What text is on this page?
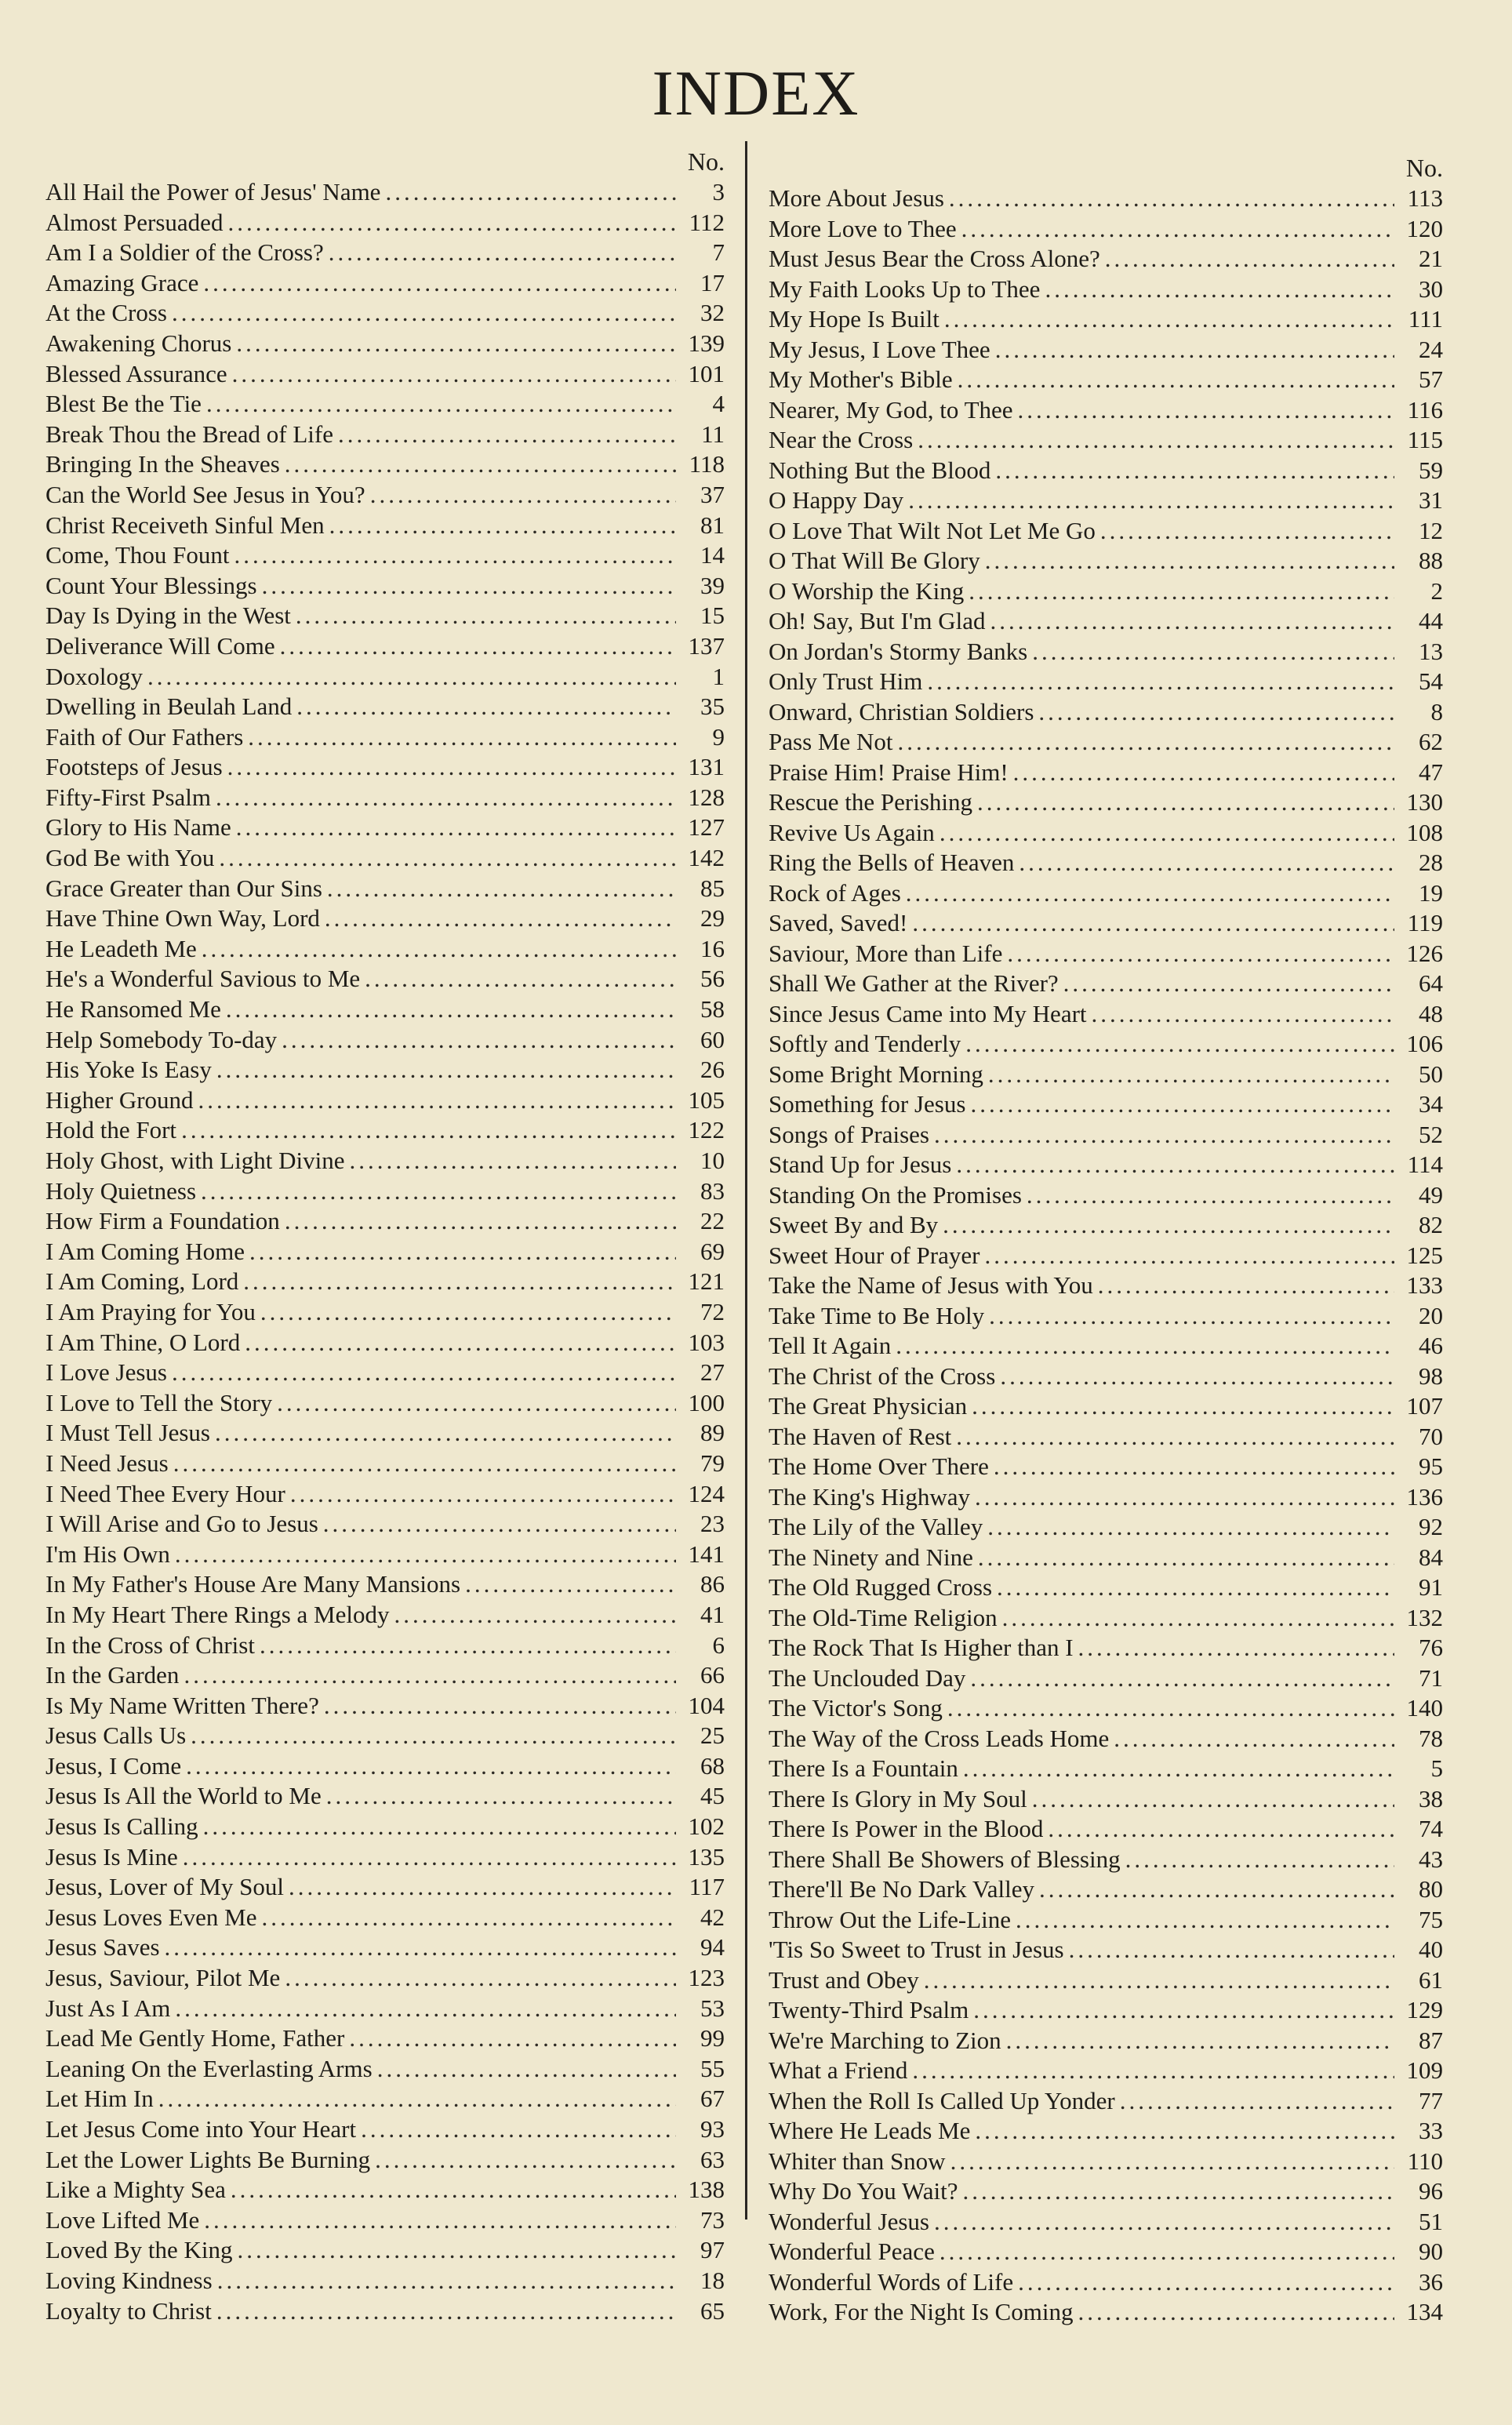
INDEX
No.
All Hail the Power of Jesus' Name .....	3
Almost Persuaded .....	112
Am I a Soldier of the Cross? .....	7
Amazing Grace .....	17
At the Cross .....	32
Awakening Chorus .....	139
Blessed Assurance .....	101
Blest Be the Tie .....	4
Break Thou the Bread of Life .....	11
Bringing In the Sheaves .....	118
Can the World See Jesus in You? .....	37
Christ Receiveth Sinful Men .....	81
Come, Thou Fount .....	14
Count Your Blessings .....	39
Day Is Dying in the West .....	15
Deliverance Will Come .....	137
Doxology .....	1
Dwelling in Beulah Land .....	35
Faith of Our Fathers .....	9
Footsteps of Jesus .....	131
Fifty-First Psalm .....	128
Glory to His Name .....	127
God Be with You .....	142
Grace Greater than Our Sins .....	85
Have Thine Own Way, Lord .....	29
He Leadeth Me .....	16
He's a Wonderful Savious to Me .....	56
He Ransomed Me .....	58
Help Somebody To-day .....	60
His Yoke Is Easy .....	26
Higher Ground .....	105
Hold the Fort .....	122
Holy Ghost, with Light Divine .....	10
Holy Quietness .....	83
How Firm a Foundation .....	22
I Am Coming Home .....	69
I Am Coming, Lord .....	121
I Am Praying for You .....	72
I Am Thine, O Lord .....	103
I Love Jesus .....	27
I Love to Tell the Story .....	100
I Must Tell Jesus .....	89
I Need Jesus .....	79
I Need Thee Every Hour .....	124
I Will Arise and Go to Jesus .....	23
I'm His Own .....	141
In My Father's House Are Many Mansions .....	86
In My Heart There Rings a Melody .....	41
In the Cross of Christ .....	6
In the Garden .....	66
Is My Name Written There? .....	104
Jesus Calls Us .....	25
Jesus, I Come .....	68
Jesus Is All the World to Me .....	45
Jesus Is Calling .....	102
Jesus Is Mine .....	135
Jesus, Lover of My Soul .....	117
Jesus Loves Even Me .....	42
Jesus Saves .....	94
Jesus, Saviour, Pilot Me .....	123
Just As I Am .....	53
Lead Me Gently Home, Father .....	99
Leaning On the Everlasting Arms .....	55
Let Him In .....	67
Let Jesus Come into Your Heart .....	93
Let the Lower Lights Be Burning .....	63
Like a Mighty Sea .....	138
Love Lifted Me .....	73
Loved By the King .....	97
Loving Kindness .....	18
Loyalty to Christ .....	65
No.
More About Jesus .....	113
More Love to Thee .....	120
Must Jesus Bear the Cross Alone? .....	21
My Faith Looks Up to Thee .....	30
My Hope Is Built .....	111
My Jesus, I Love Thee .....	24
My Mother's Bible .....	57
Nearer, My God, to Thee .....	116
Near the Cross .....	115
Nothing But the Blood .....	59
O Happy Day .....	31
O Love That Wilt Not Let Me Go .....	12
O That Will Be Glory .....	88
O Worship the King .....	2
Oh! Say, But I'm Glad .....	44
On Jordan's Stormy Banks .....	13
Only Trust Him .....	54
Onward, Christian Soldiers .....	8
Pass Me Not .....	62
Praise Him! Praise Him! .....	47
Rescue the Perishing .....	130
Revive Us Again .....	108
Ring the Bells of Heaven .....	28
Rock of Ages .....	19
Saved, Saved! .....	119
Saviour, More than Life .....	126
Shall We Gather at the River? .....	64
Since Jesus Came into My Heart .....	48
Softly and Tenderly .....	106
Some Bright Morning .....	50
Something for Jesus .....	34
Songs of Praises .....	52
Stand Up for Jesus .....	114
Standing On the Promises .....	49
Sweet By and By .....	82
Sweet Hour of Prayer .....	125
Take the Name of Jesus with You .....	133
Take Time to Be Holy .....	20
Tell It Again .....	46
The Christ of the Cross .....	98
The Great Physician .....	107
The Haven of Rest .....	70
The Home Over There .....	95
The King's Highway .....	136
The Lily of the Valley .....	92
The Ninety and Nine .....	84
The Old Rugged Cross .....	91
The Old-Time Religion .....	132
The Rock That Is Higher than I .....	76
The Unclouded Day .....	71
The Victor's Song .....	140
The Way of the Cross Leads Home .....	78
There Is a Fountain .....	5
There Is Glory in My Soul .....	38
There Is Power in the Blood .....	74
There Shall Be Showers of Blessing .....	43
There'll Be No Dark Valley .....	80
Throw Out the Life-Line .....	75
'Tis So Sweet to Trust in Jesus .....	40
Trust and Obey .....	61
Twenty-Third Psalm .....	129
We're Marching to Zion .....	87
What a Friend .....	109
When the Roll Is Called Up Yonder .....	77
Where He Leads Me .....	33
Whiter than Snow .....	110
Why Do You Wait? .....	96
Wonderful Jesus .....	51
Wonderful Peace .....	90
Wonderful Words of Life .....	36
Work, For the Night Is Coming .....	134
